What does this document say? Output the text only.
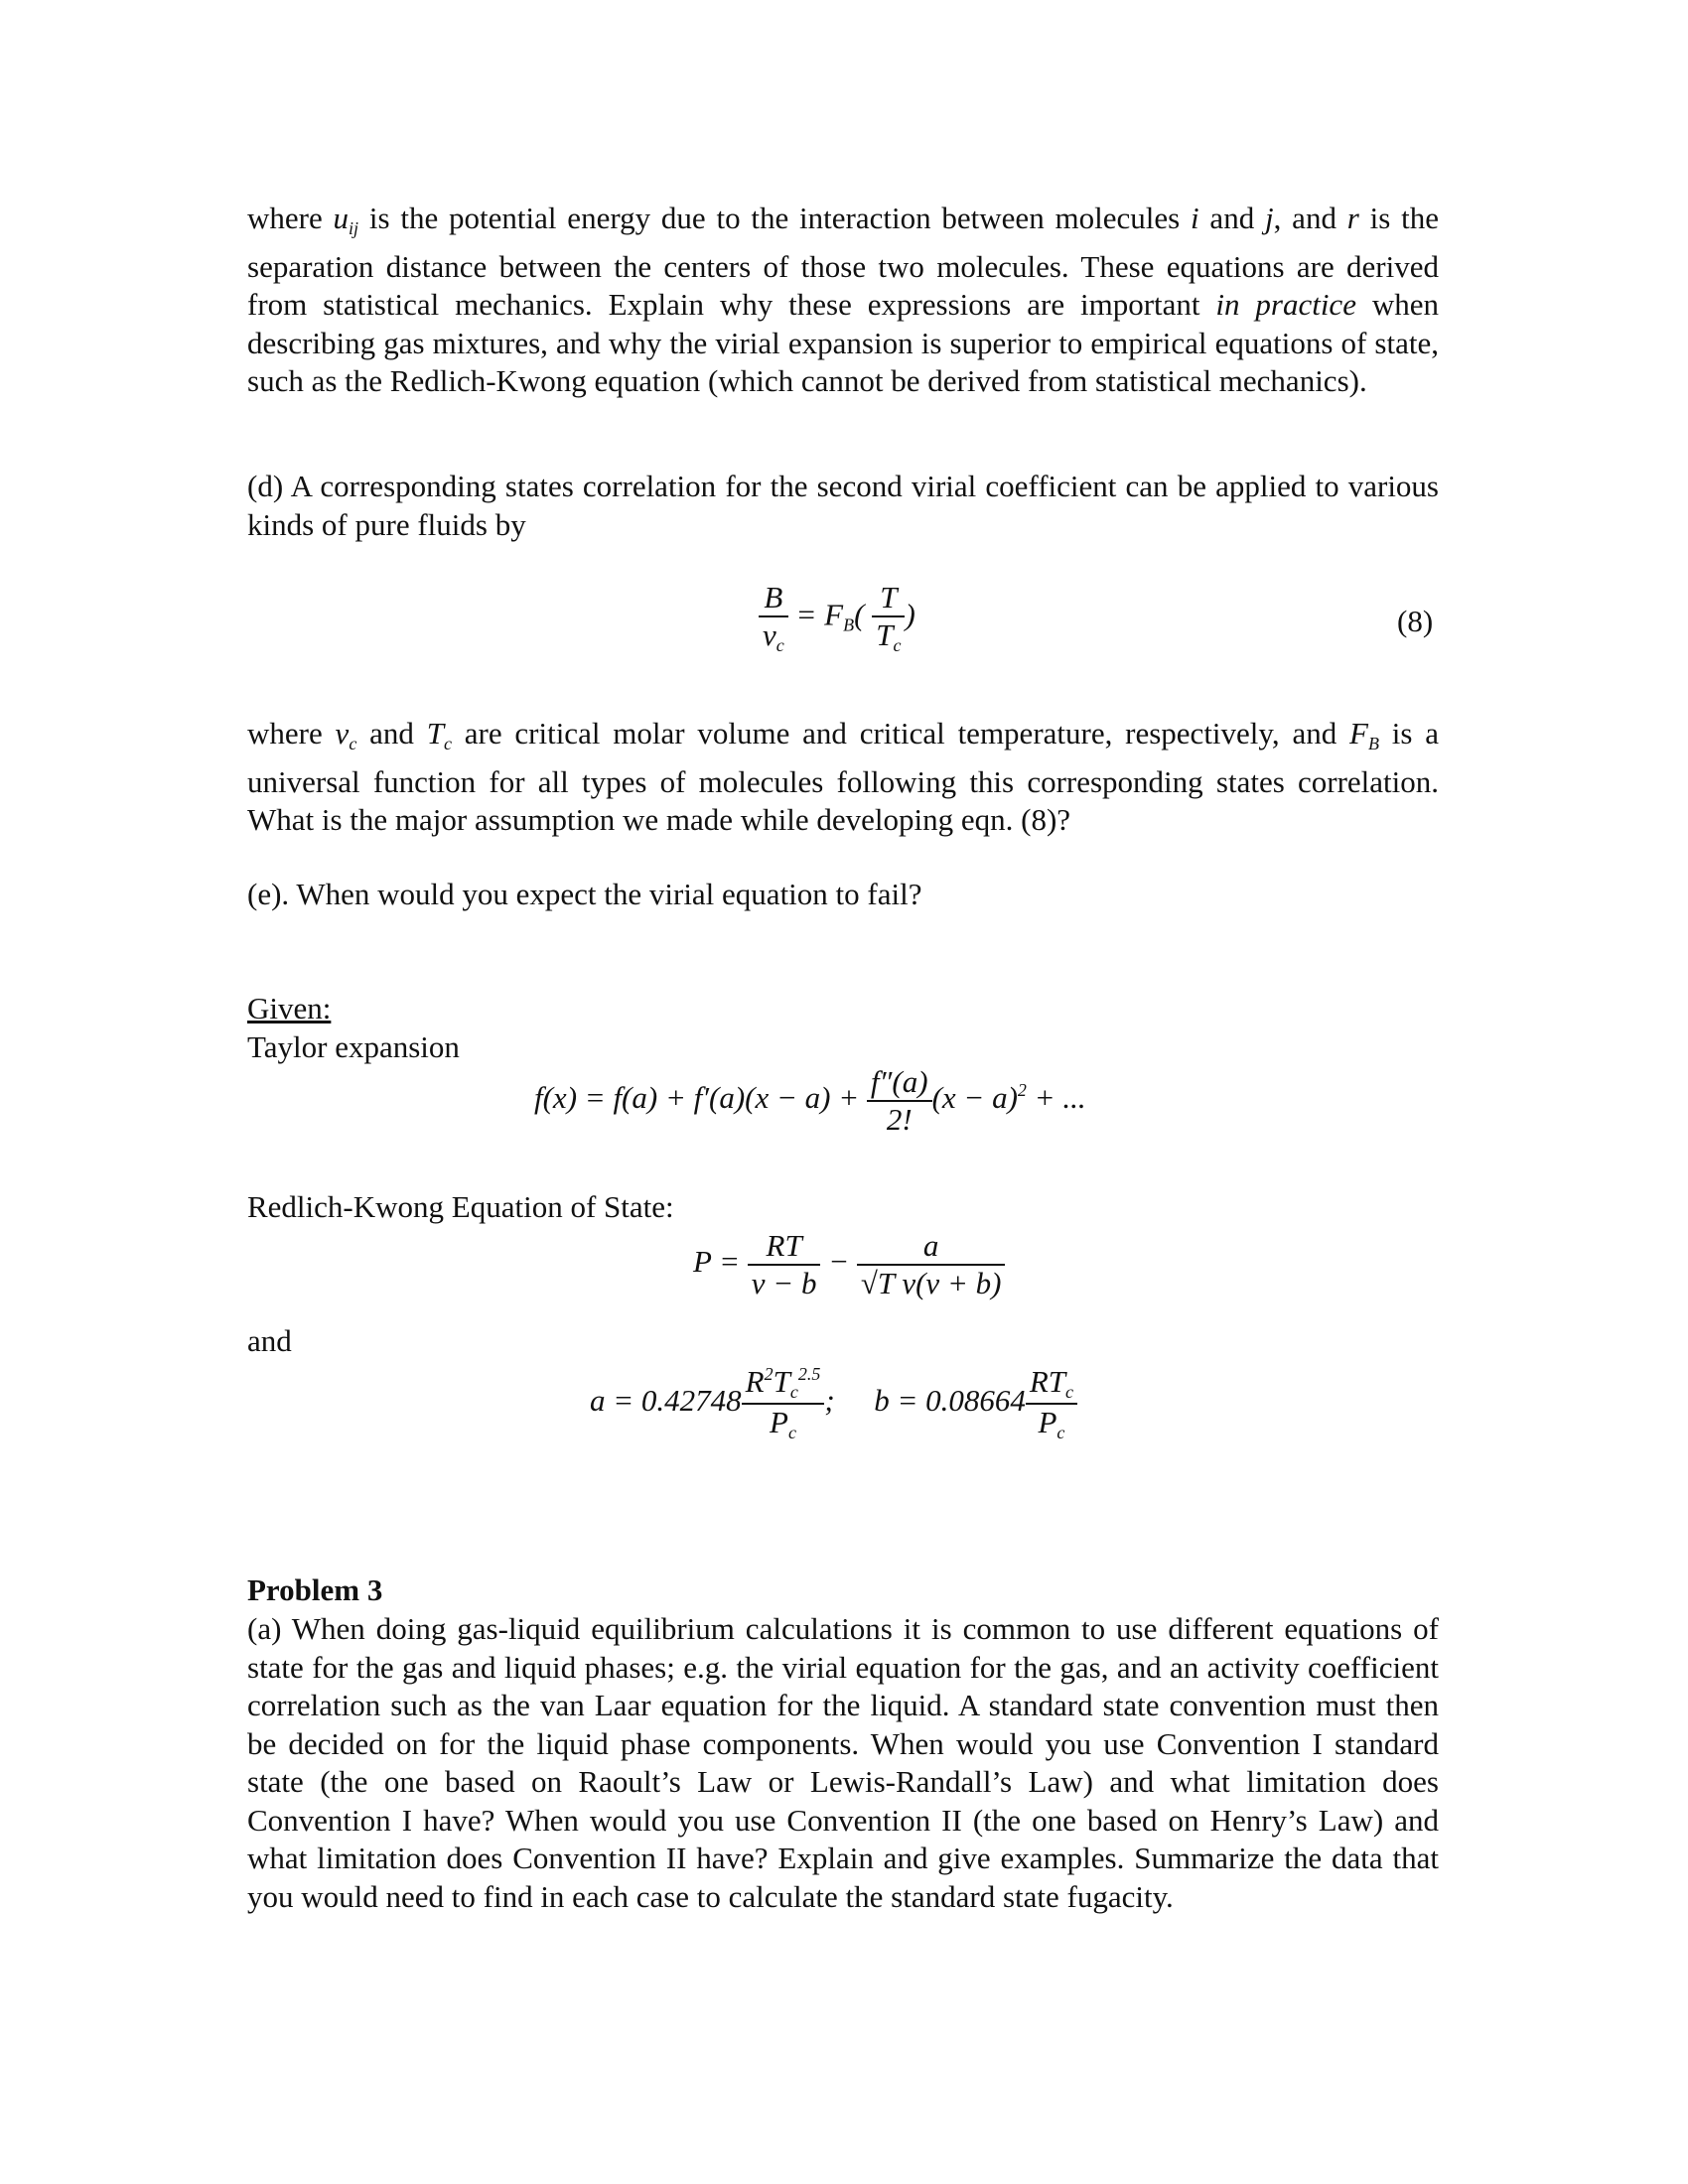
where $u_{ij}$ is the potential energy due to the interaction between molecules i and j, and r is the separation distance between the centers of those two molecules. These equations are derived from statistical mechanics. Explain why these expressions are important in practice when describing gas mixtures, and why the virial expansion is superior to empirical equations of state, such as the Redlich-Kwong equation (which cannot be derived from statistical mechanics).
(d) A corresponding states correlation for the second virial coefficient can be applied to various kinds of pure fluids by
$\frac{B}{v_c} = F_B( \frac{T}{T_c}$ )	(8)
where $v_c$ and $T_c$ are critical molar volume and critical temperature, respectively, and $F_B$ is a universal function for all types of molecules following this corresponding states correlation. What is the major assumption we made while developing eqn. (8)?
(e). When would you expect the virial equation to fail?
Given:
Taylor expansion
$f(x) = f(a) + f'(a)(x - a) + \frac{f''(a)}{2!} (x - a)^2$ + ...
Redlich-Kwong Equation of State:
$P = \frac{RT}{v - b} - \frac{a}{\text{√T v(v + b)}}$
and
$a = 0.42748 \frac{R^2T_c^{2.5}}{P_c}$ ; $b = 0.08664 \frac{RT_c}{P_c}$
Problem 3
(a) When doing gas-liquid equilibrium calculations it is common to use different equations of state for the gas and liquid phases; e.g. the virial equation for the gas, and an activity coefficient correlation such as the van Laar equation for the liquid. A standard state convention must then be decided on for the liquid phase components. When would you use Convention I standard state (the one based on Raoult’s Law or Lewis-Randall’s Law) and what limitation does Convention I have? When would you use Convention II (the one based on Henry’s Law) and what limitation does Convention II have? Explain and give examples. Summarize the data that you would need to find in each case to calculate the standard state fugacity.
